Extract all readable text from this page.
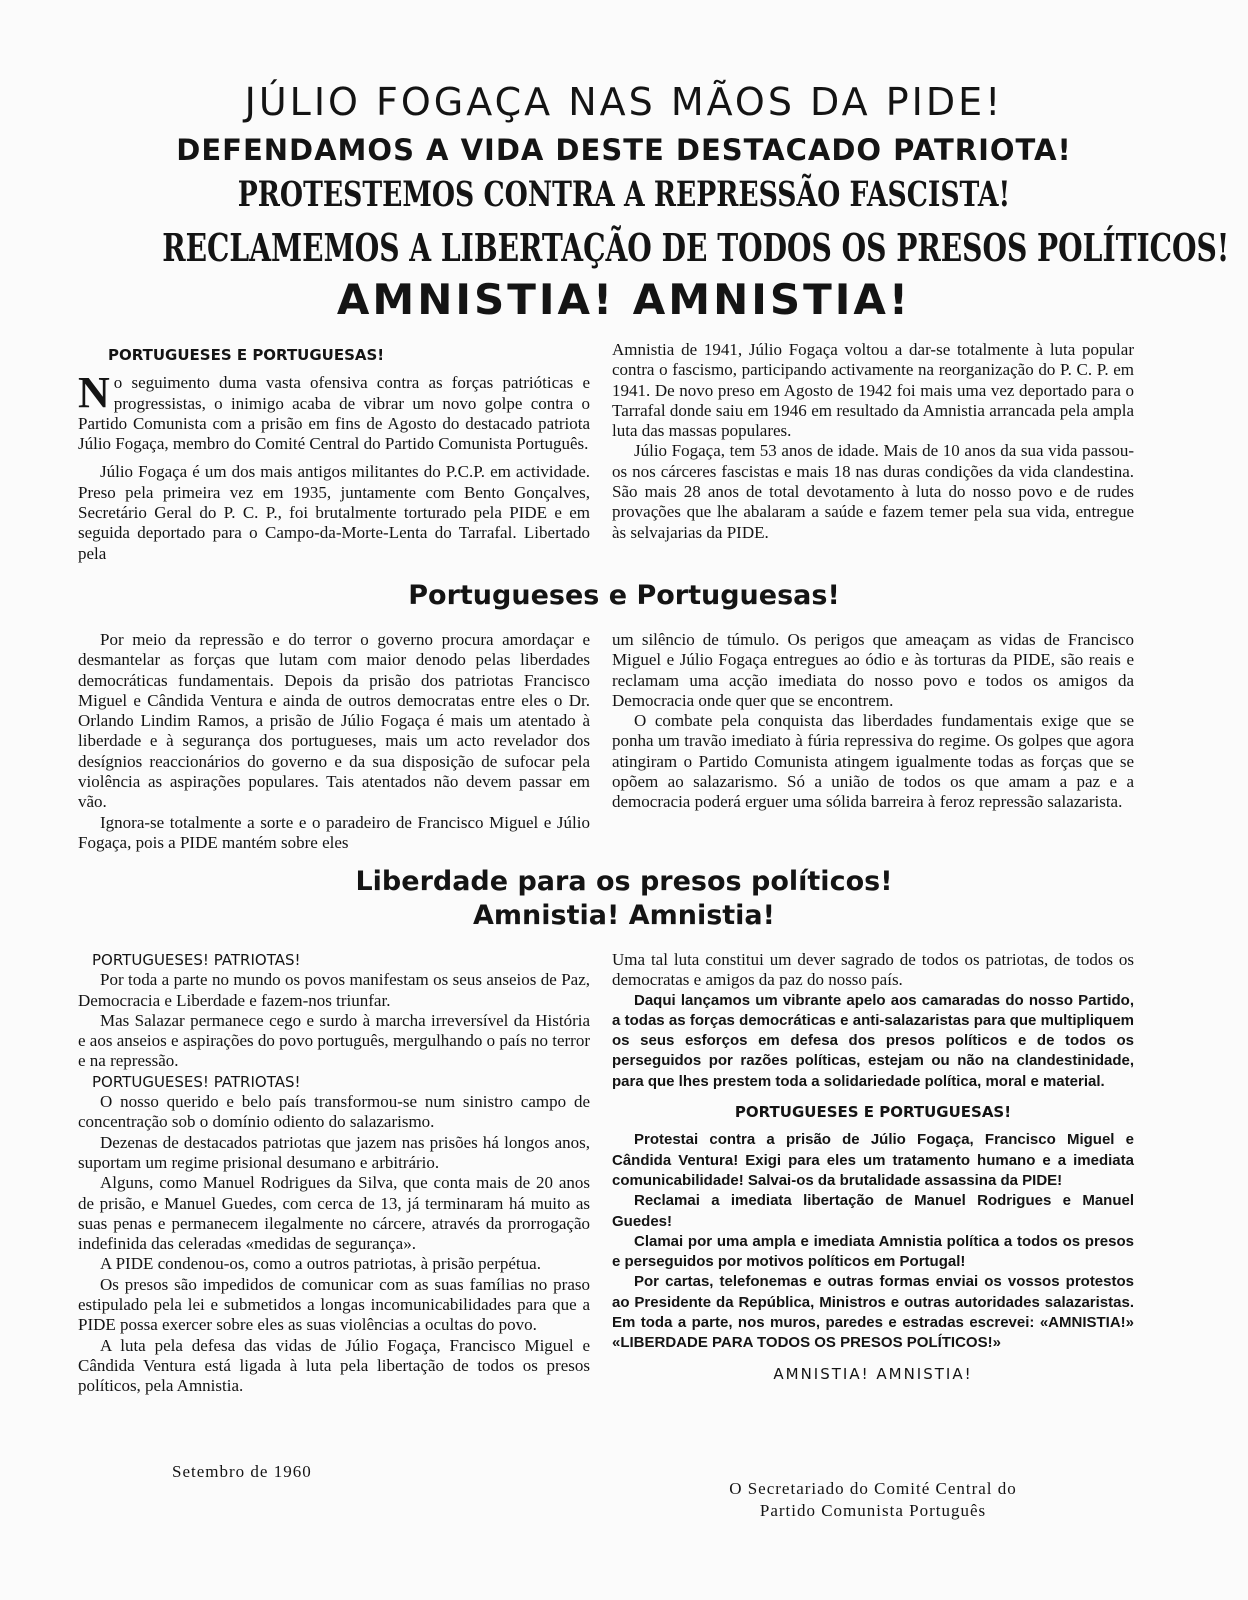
JÚLIO FOGAÇA NAS MÃOS DA PIDE!
DEFENDAMOS A VIDA DESTE DESTACADO PATRIOTA!
PROTESTEMOS CONTRA A REPRESSÃO FASCISTA!
RECLAMEMOS A LIBERTAÇÃO DE TODOS OS PRESOS POLÍTICOS!
AMNISTIA! AMNISTIA!

PORTUGUESES E PORTUGUESAS!

No seguimento duma vasta ofensiva contra as forças patrióticas e progressistas, o inimigo acaba de vibrar um novo golpe contra o Partido Comunista com a prisão em fins de Agosto do destacado patriota Júlio Fogaça, membro do Comité Central do Partido Comunista Português.

Júlio Fogaça é um dos mais antigos militantes do P.C.P. em actividade. Preso pela primeira vez em 1935, juntamente com Bento Gonçalves, Secretário Geral do P. C. P., foi brutalmente torturado pela PIDE e em seguida deportado para o Campo-da-Morte-Lenta do Tarrafal. Libertado pela

Amnistia de 1941, Júlio Fogaça voltou a dar-se totalmente à luta popular contra o fascismo, participando activamente na reorganização do P. C. P. em 1941. De novo preso em Agosto de 1942 foi mais uma vez deportado para o Tarrafal donde saiu em 1946 em resultado da Amnistia arrancada pela ampla luta das massas populares.

Júlio Fogaça, tem 53 anos de idade. Mais de 10 anos da sua vida passou-os nos cárceres fascistas e mais 18 nas duras condições da vida clandestina. São mais 28 anos de total devotamento à luta do nosso povo e de rudes provações que lhe abalaram a saúde e fazem temer pela sua vida, entregue às selvajarias da PIDE.

Portugueses e Portuguesas!

Por meio da repressão e do terror o governo procura amordaçar e desmantelar as forças que lutam com maior denodo pelas liberdades democráticas fundamentais. Depois da prisão dos patriotas Francisco Miguel e Cândida Ventura e ainda de outros democratas entre eles o Dr. Orlando Lindim Ramos, a prisão de Júlio Fogaça é mais um atentado à liberdade e à segurança dos portugueses, mais um acto revelador dos desígnios reaccionários do governo e da sua disposição de sufocar pela violência as aspirações populares. Tais atentados não devem passar em vão.

Ignora-se totalmente a sorte e o paradeiro de Francisco Miguel e Júlio Fogaça, pois a PIDE mantém sobre eles

um silêncio de túmulo. Os perigos que ameaçam as vidas de Francisco Miguel e Júlio Fogaça entregues ao ódio e às torturas da PIDE, são reais e reclamam uma acção imediata do nosso povo e todos os amigos da Democracia onde quer que se encontrem.

O combate pela conquista das liberdades fundamentais exige que se ponha um travão imediato à fúria repressiva do regime. Os golpes que agora atingiram o Partido Comunista atingem igualmente todas as forças que se opõem ao salazarismo. Só a união de todos os que amam a paz e a democracia poderá erguer uma sólida barreira à feroz repressão salazarista.

Liberdade para os presos políticos!
Amnistia! Amnistia!

PORTUGUESES! PATRIOTAS!

Por toda a parte no mundo os povos manifestam os seus anseios de Paz, Democracia e Liberdade e fazem-nos triunfar.

Mas Salazar permanece cego e surdo à marcha irreversível da História e aos anseios e aspirações do povo português, mergulhando o país no terror e na repressão.

PORTUGUESES! PATRIOTAS!

O nosso querido e belo país transformou-se num sinistro campo de concentração sob o domínio odiento do salazarismo.

Dezenas de destacados patriotas que jazem nas prisões há longos anos, suportam um regime prisional desumano e arbitrário.

Alguns, como Manuel Rodrigues da Silva, que conta mais de 20 anos de prisão, e Manuel Guedes, com cerca de 13, já terminaram há muito as suas penas e permanecem ilegalmente no cárcere, através da prorrogação indefinida das celeradas «medidas de segurança».

A PIDE condenou-os, como a outros patriotas, à prisão perpétua.

Os presos são impedidos de comunicar com as suas famílias no praso estipulado pela lei e submetidos a longas incomunicabilidades para que a PIDE possa exercer sobre eles as suas violências a ocultas do povo.

A luta pela defesa das vidas de Júlio Fogaça, Francisco Miguel e Cândida Ventura está ligada à luta pela libertação de todos os presos políticos, pela Amnistia.

Setembro de 1960

Uma tal luta constitui um dever sagrado de todos os patriotas, de todos os democratas e amigos da paz do nosso país.

Daqui lançamos um vibrante apelo aos camaradas do nosso Partido, a todas as forças democráticas e anti-salazaristas para que multipliquem os seus esforços em defesa dos presos políticos e de todos os perseguidos por razões políticas, estejam ou não na clandestinidade, para que lhes prestem toda a solidariedade política, moral e material.

PORTUGUESES E PORTUGUESAS!

Protestai contra a prisão de Júlio Fogaça, Francisco Miguel e Cândida Ventura! Exigi para eles um tratamento humano e a imediata comunicabilidade! Salvai-os da brutalidade assassina da PIDE!

Reclamai a imediata libertação de Manuel Rodrigues e Manuel Guedes!

Clamai por uma ampla e imediata Amnistia política a todos os presos e perseguidos por motivos políticos em Portugal!

Por cartas, telefonemas e outras formas enviai os vossos protestos ao Presidente da República, Ministros e outras autoridades salazaristas. Em toda a parte, nos muros, paredes e estradas escrevei: «AMNISTIA!» «LIBERDADE PARA TODOS OS PRESOS POLÍTICOS!»

AMNISTIA! AMNISTIA!

O Secretariado do Comité Central do
Partido Comunista Português
